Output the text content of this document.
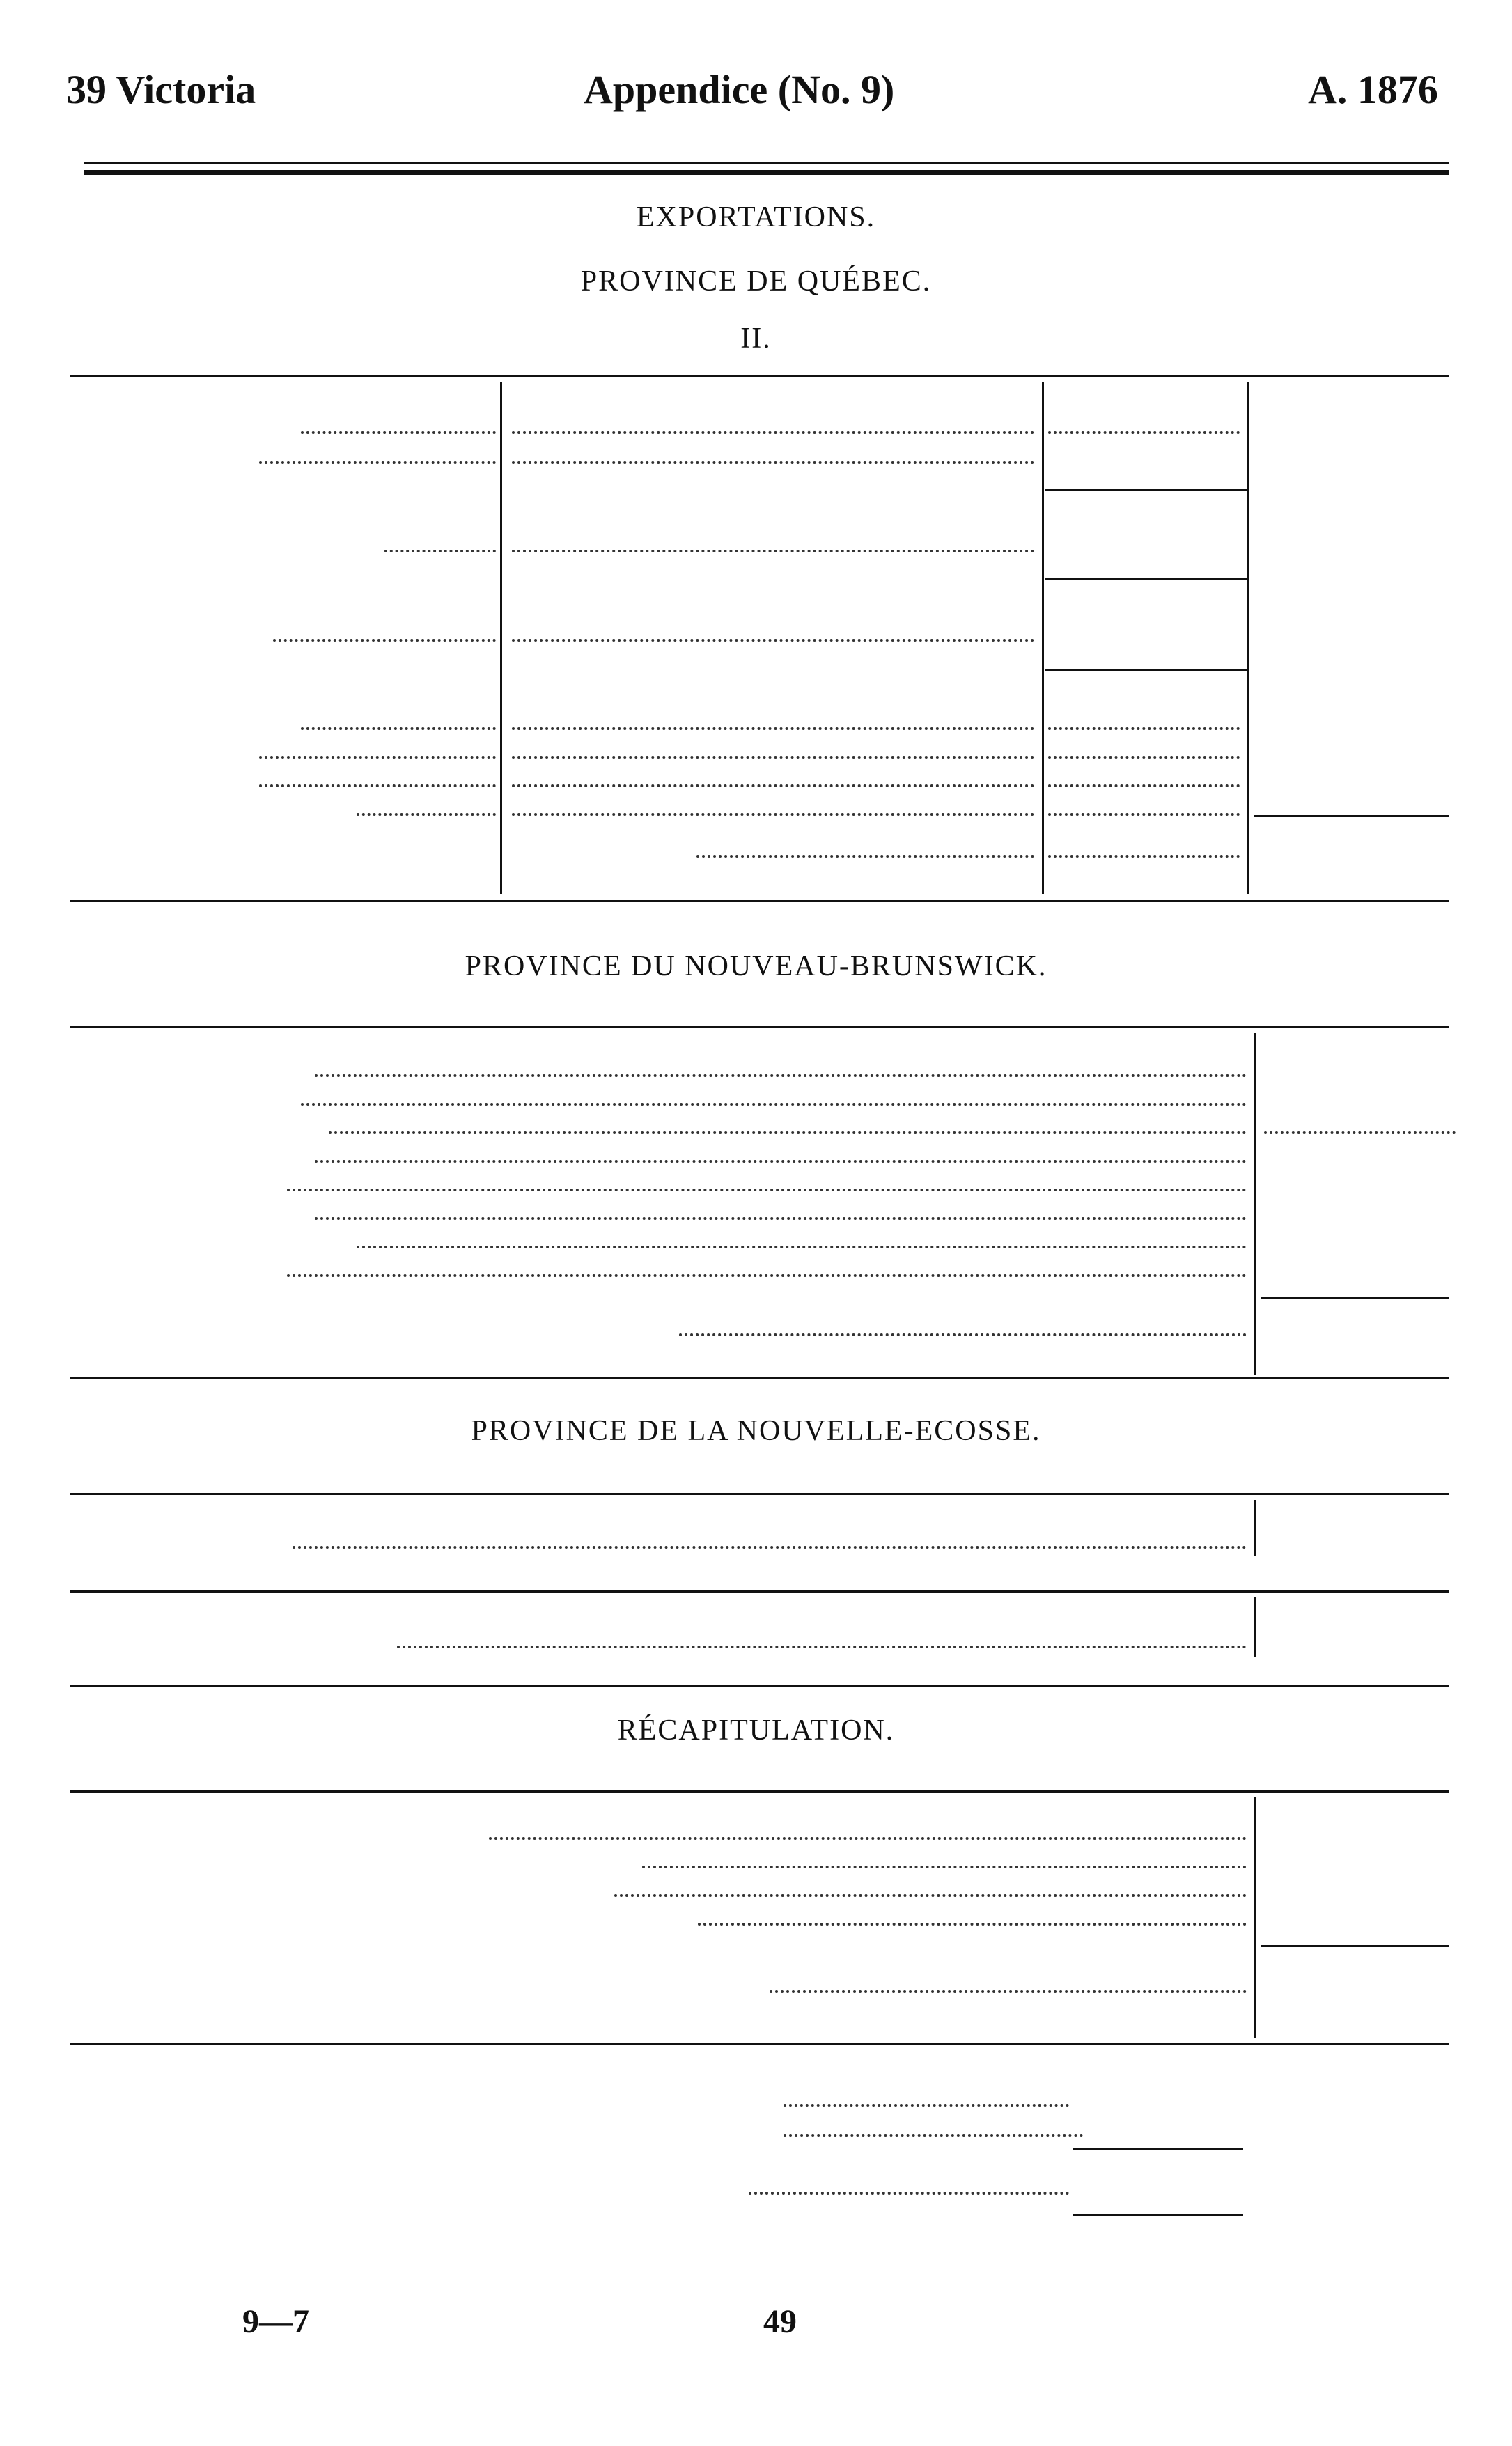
39 Victoria	Appendice (No. 9)	A. 1876
EXPORTATIONS.
PROVINCE DE QUÉBEC.
II.
PROVINCE DU NOUVEAU-BRUNSWICK.
PROVINCE DE LA NOUVELLE-ECOSSE.
RÉCAPITULATION.
9—7	49
